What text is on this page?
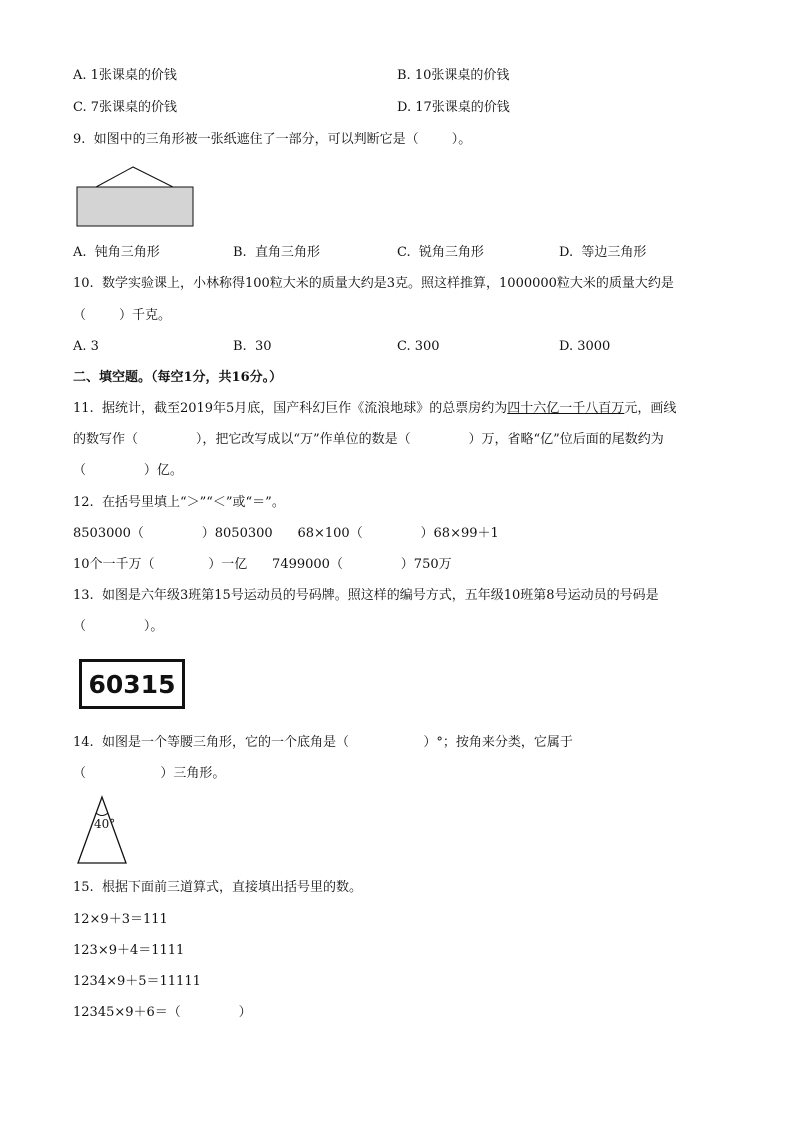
A. 1张课桌的价钱	B. 10张课桌的价钱
C. 7张课桌的价钱	D. 17张课桌的价钱
9.  如图中的三角形被一张纸遮住了一部分，可以判断它是（        ）。
A.  钝角三角形	B.  直角三角形	C.  锐角三角形	D.  等边三角形
10.  数学实验课上，小林称得100粒大米的质量大约是3克。照这样推算，1000000粒大米的质量大约是
（        ）千克。
A. 3	B.  30	C. 300	D. 3000
二、填空题。（每空1分，共16分。）
11.  据统计，截至2019年5月底，国产科幻巨作《流浪地球》的总票房约为四十六亿一千八百万元，画线
的数写作（              ），把它改写成以“万”作单位的数是（              ）万，省略“亿”位后面的尾数约为
（              ）亿。
12.  在括号里填上“＞”“＜”或“＝”。
8503000（              ）8050300      68×100（              ）68×99＋1
10个一千万（             ）一亿      7499000（              ）750万
13.  如图是六年级3班第15号运动员的号码牌。照这样的编号方式，五年级10班第8号运动员的号码是
（              ）。
60315
14.  如图是一个等腰三角形，它的一个底角是（                  ）°；按角来分类，它属于
（                  ）三角形。
40°
15.  根据下面前三道算式，直接填出括号里的数。
12×9＋3＝111
123×9＋4＝1111
1234×9＋5＝11111
12345×9＋6＝（              ）
